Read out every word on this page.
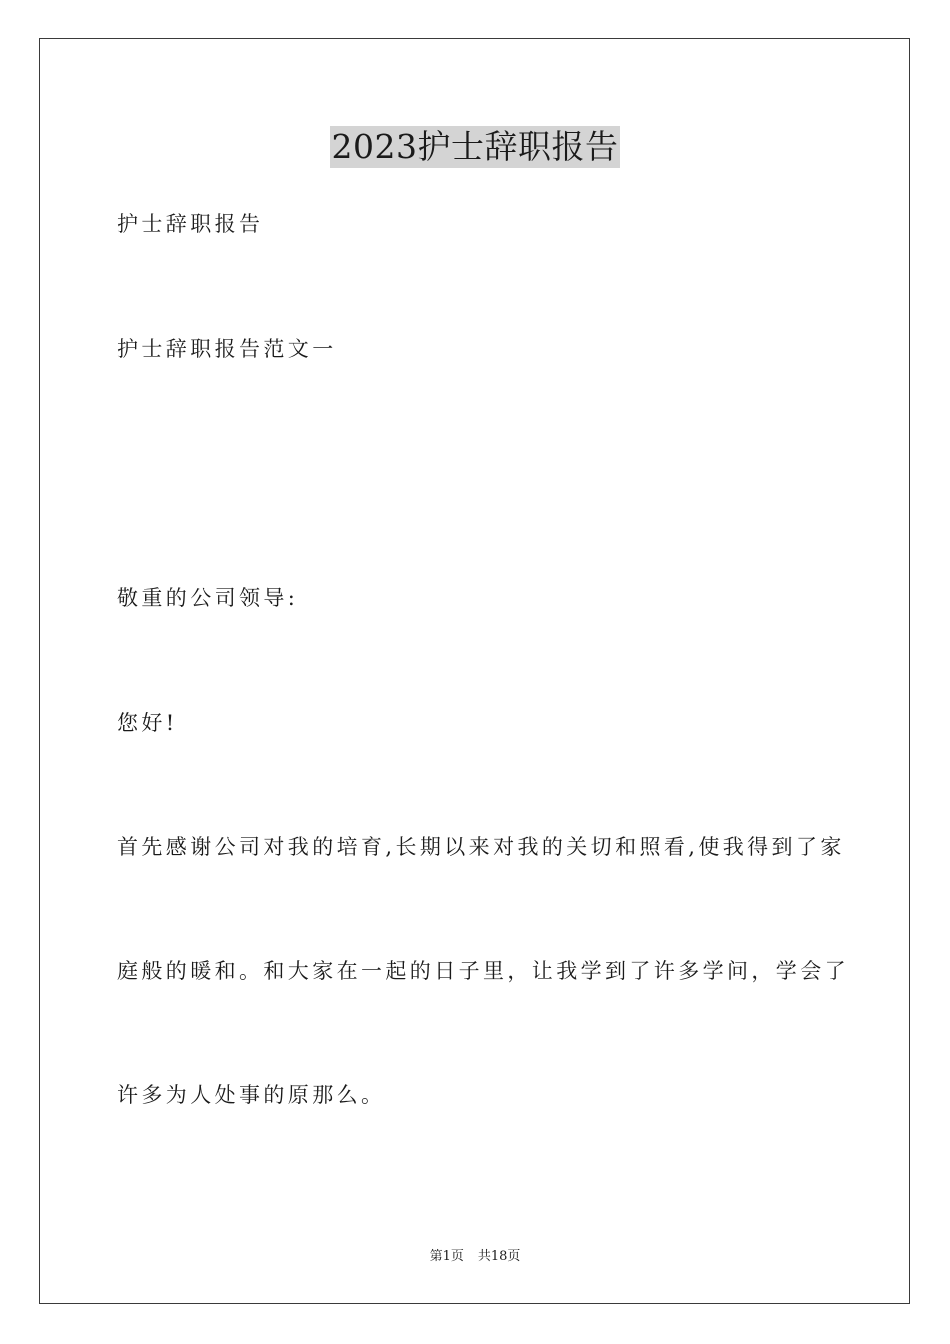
2023护士辞职报告
护士辞职报告
护士辞职报告范文一
敬重的公司领导:
您好!
首先感谢公司对我的培育,长期以来对我的关切和照看,使我得到了家
庭般的暖和。和大家在一起的日子里，让我学到了许多学问，学会了
许多为人处事的原那么。
第1页 共18页
